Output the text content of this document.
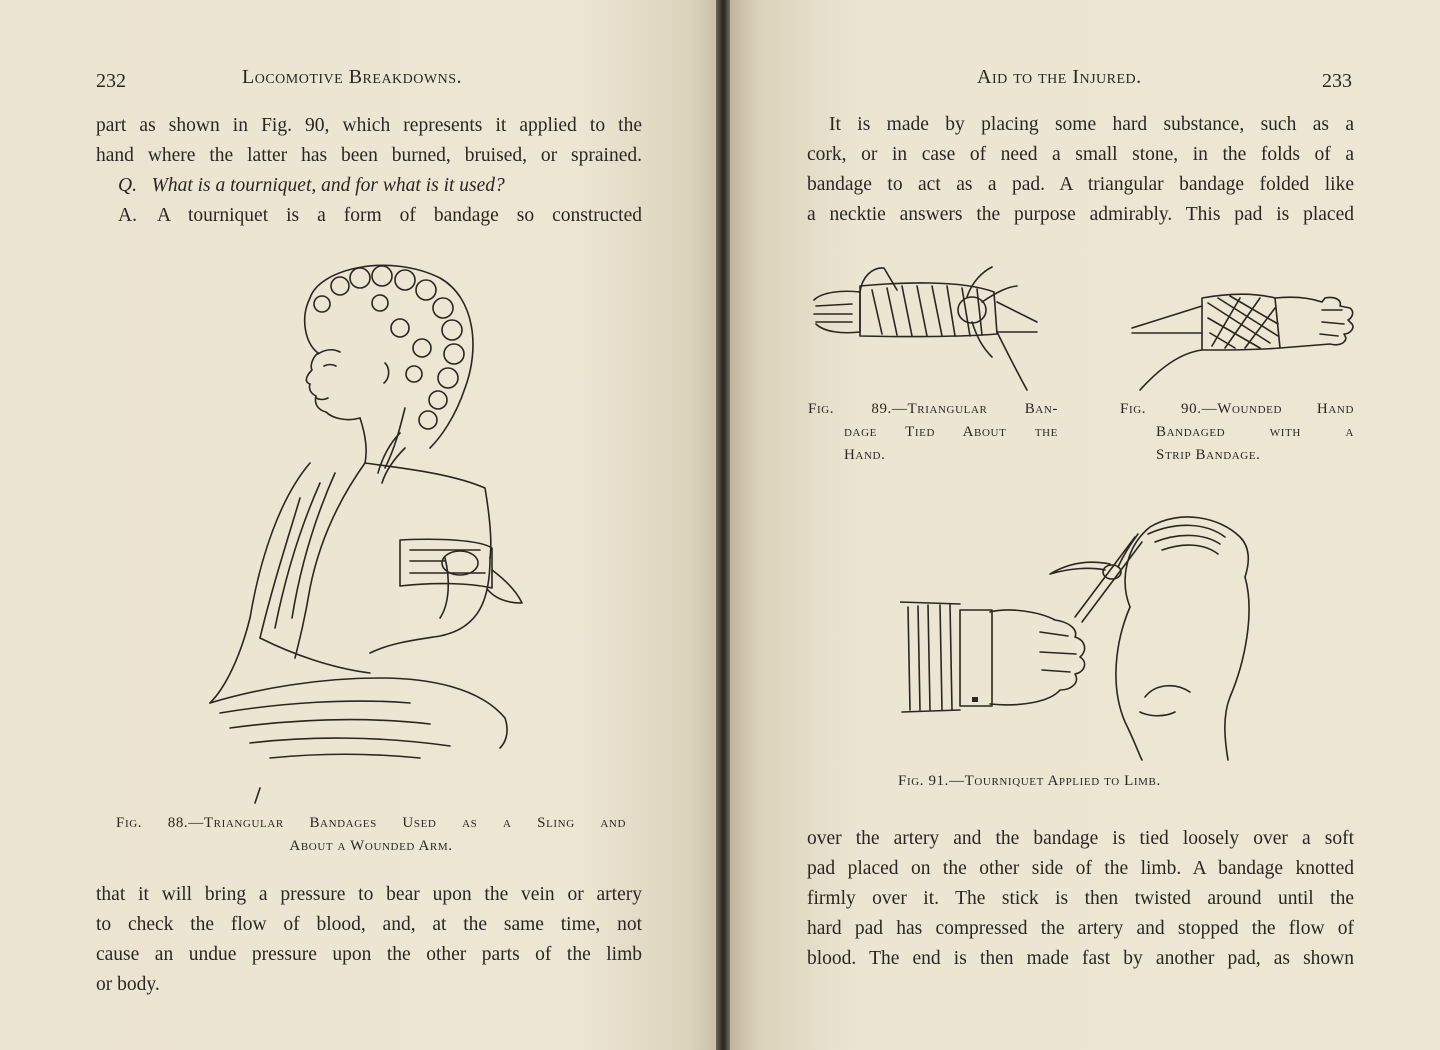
232	Locomotive Breakdowns.
part as shown in Fig. 90, which represents it applied to the
hand where the latter has been burned, bruised, or sprained.
Q. What is a tourniquet, and for what is it used?
A. A tourniquet is a form of bandage so constructed
Fig. 88.—Triangular Bandages Used as a Sling and
About a Wounded Arm.
that it will bring a pressure to bear upon the vein or artery
to check the flow of blood, and, at the same time, not
cause an undue pressure upon the other parts of the limb
or body.
Aid to the Injured.	233
It is made by placing some hard substance, such as a
cork, or in case of need a small stone, in the folds of a
bandage to act as a pad. A triangular bandage folded like
a necktie answers the purpose admirably. This pad is placed
Fig. 89.—Triangular Ban-
dage Tied About the
Hand.
Fig. 90.—Wounded Hand
Bandaged with a
Strip Bandage.
Fig. 91.—Tourniquet Applied to Limb.
over the artery and the bandage is tied loosely over a soft
pad placed on the other side of the limb. A bandage knotted
firmly over it. The stick is then twisted around until the
hard pad has compressed the artery and stopped the flow of
blood. The end is then made fast by another pad, as shown
